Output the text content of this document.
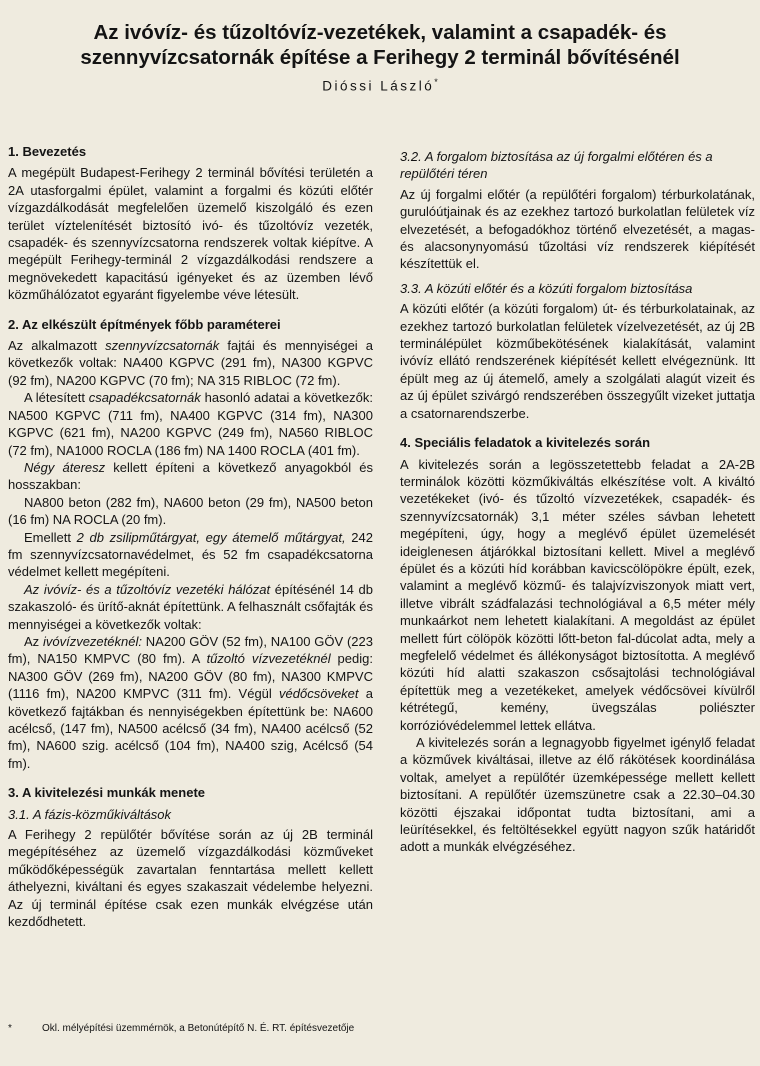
Az ivóvíz- és tűzoltóvíz-vezetékek, valamint a csapadék- és
szennyvízcsatornák építése a Ferihegy 2 terminál bővítésénél
Dióssi László*
1. Bevezetés

A megépült Budapest-Ferihegy 2 terminál bővítési területén a 2A utasforgalmi épület, valamint a forgalmi és közúti előtér vízgazdálkodását megfelelően üzemelő kiszolgáló és ezen terület víztelenítését biztosító ivó- és tűzoltóvíz vezeték, csapadék- és szennyvízcsatorna rendszerek voltak kiépítve. A megépült Ferihegy-terminál 2 vízgazdálkodási rendszere a megnövekedett kapacitású igényeket és az üzemben lévő közműhálózatot egyaránt figyelembe véve létesült.

2. Az elkészült építmények főbb paraméterei

Az alkalmazott szennyvízcsatornák fajtái és mennyiségei a következők voltak: NA400 KGPVC (291 fm), NA300 KGPVC (92 fm), NA200 KGPVC (70 fm); NA 315 RIBLOC (72 fm).

A létesített csapadékcsatornák hasonló adatai a következők: NA500 KGPVC (711 fm), NA400 KGPVC (314 fm), NA300 KGPVC (621 fm), NA200 KGPVC (249 fm), NA560 RIBLOC (72 fm), NA1000 ROCLA (186 fm) NA 1400 ROCLA (401 fm).

Négy áteresz kellett építeni a következő anyagokból és hosszakban:

NA800 beton (282 fm), NA600 beton (29 fm), NA500 beton (16 fm) NA ROCLA (20 fm).

Emellett 2 db zsilipműtárgyat, egy átemelő műtárgyat, 242 fm szennyvízcsatornavédelmet, és 52 fm csapadékcsatorna védelmet kellett megépíteni.

Az ivóvíz- és a tűzoltóvíz vezetéki hálózat építésénél 14 db szakaszoló- és ürítő-aknát építettünk. A felhasznált csőfajták és mennyiségei a következők voltak:

Az ivóvízvezetéknél: NA200 GÖV (52 fm), NA100 GÖV (223 fm), NA150 KMPVC (80 fm). A tűzoltó vízvezetéknél pedig: NA300 GÖV (269 fm), NA200 GÖV (80 fm), NA300 KMPVC (1116 fm), NA200 KMPVC (311 fm). Végül védőcsöveket a következő fajtákban és nennyiségekben építettünk be: NA600 acélcső, (147 fm), NA500 acélcső (34 fm), NA400 acélcső (52 fm), NA600 szig. acélcső (104 fm), NA400 szig, Acélcső (54 fm).

3. A kivitelezési munkák menete
3.1. A fázis-közműkiváltások

A Ferihegy 2 repülőtér bővítése során az új 2B terminál megépítéséhez az üzemelő vízgazdálkodási közműveket működőképességük zavartalan fenntartása mellett kellett áthelyezni, kiváltani és egyes szakaszait védelembe helyezni. Az új terminál építése csak ezen munkák elvégzése után kezdődhetett.

3.2. A forgalom biztosítása az új forgalmi előtéren és a repülőtéri téren

Az új forgalmi előtér (a repülőtéri forgalom) térburkolatának, gurulóútjainak és az ezekhez tartozó burkolatlan felületek víz elvezetését, a befogadókhoz történő elvezetését, a magas- és alacsonynyomású tűzoltási víz rendszerek kiépítését készítettük el.

3.3. A közúti előtér és a közúti forgalom biztosítása

A közúti előtér (a közúti forgalom) út- és térburkolatainak, az ezekhez tartozó burkolatlan felületek vízelvezetését, az új 2B terminálépület közműbekötésének kialakítását, valamint ivóvíz ellátó rendszerének kiépítését kellett elvégeznünk. Itt épült meg az új átemelő, amely a szolgálati alagút vizeit és az új épület szivárgó rendszerében összegyűlt vizeket juttatja a csatornarendszerbe.

4. Speciális feladatok a kivitelezés során

A kivitelezés során a legösszetettebb feladat a 2A-2B terminálok közötti közműkiváltás elkészítése volt. A kiváltó vezetékeket (ivó- és tűzoltó vízvezetékek, csapadék- és szennyvízcsatornák) 3,1 méter széles sávban lehetett megépíteni, úgy, hogy a meglévő épület üzemelését ideiglenesen átjárókkal biztosítani kellett. Mivel a meglévő épület és a közúti híd korábban kavicscölöpökre épült, ezek, valamint a meglévő közmű- és talajvízviszonyok miatt vert, illetve vibrált szádfalazási technológiával a 6,5 méter mély munkaárkot nem lehetett kialakítani. A megoldást az épület mellett fúrt cölöpök közötti lőtt-beton fal-dúcolat adta, mely a megfelelő védelmet és állékonyságot biztosította. A meglévő közúti híd alatti szakaszon csősajtolási technológiával építettük meg a vezetékeket, amelyek védőcsövei kívülről kétrétegű, kemény, üvegszálas poliészter korrózióvédelemmel lettek ellátva.

A kivitelezés során a legnagyobb figyelmet igénylő feladat a közművek kiváltásai, illetve az élő rákötések koordinálása voltak, amelyet a repülőtér üzemképessége mellett kellett biztosítani. A repülőtér üzemszünetre csak a 22.30–04.30 közötti éjszakai időpontat tudta biztosítani, ami a leürítésekkel, és feltöltésekkel együtt nagyon szűk határidőt adott a munkák elvégzéséhez.

*	Okl. mélyépítési üzemmérnök, a Betonútépítő N. É. RT. építésvezetője
